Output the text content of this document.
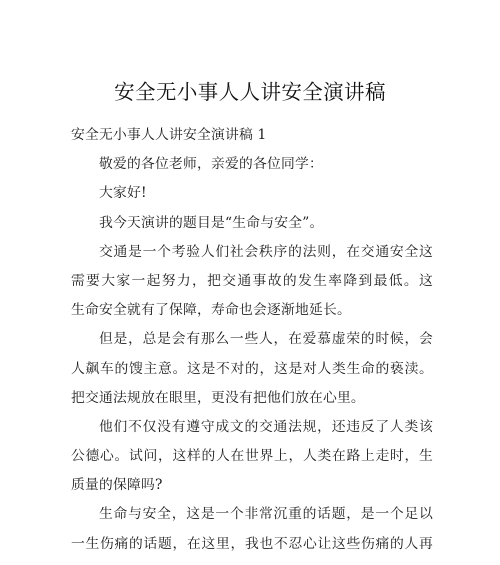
安全无小事人人讲安全演讲稿
安全无小事人人讲安全演讲稿 1
敬爱的各位老师，亲爱的各位同学：
大家好!
我今天演讲的题目是“生命与安全”。
交通是一个考验人们社会秩序的法则，在交通安全这
需要大家一起努力，把交通事故的发生率降到最低。这
生命安全就有了保障，寿命也会逐渐地延长。
但是，总是会有那么一些人，在爱慕虚荣的时候，会
人飙车的馊主意。这是不对的，这是对人类生命的亵渎。
把交通法规放在眼里，更没有把他们放在心里。
他们不仅没有遵守成文的交通法规，还违反了人类该
公德心。试问，这样的人在世界上，人类在路上走时，生
质量的保障吗?
生命与安全，这是一个非常沉重的话题，是一个足以
一生伤痛的话题，在这里，我也不忍心让这些伤痛的人再
